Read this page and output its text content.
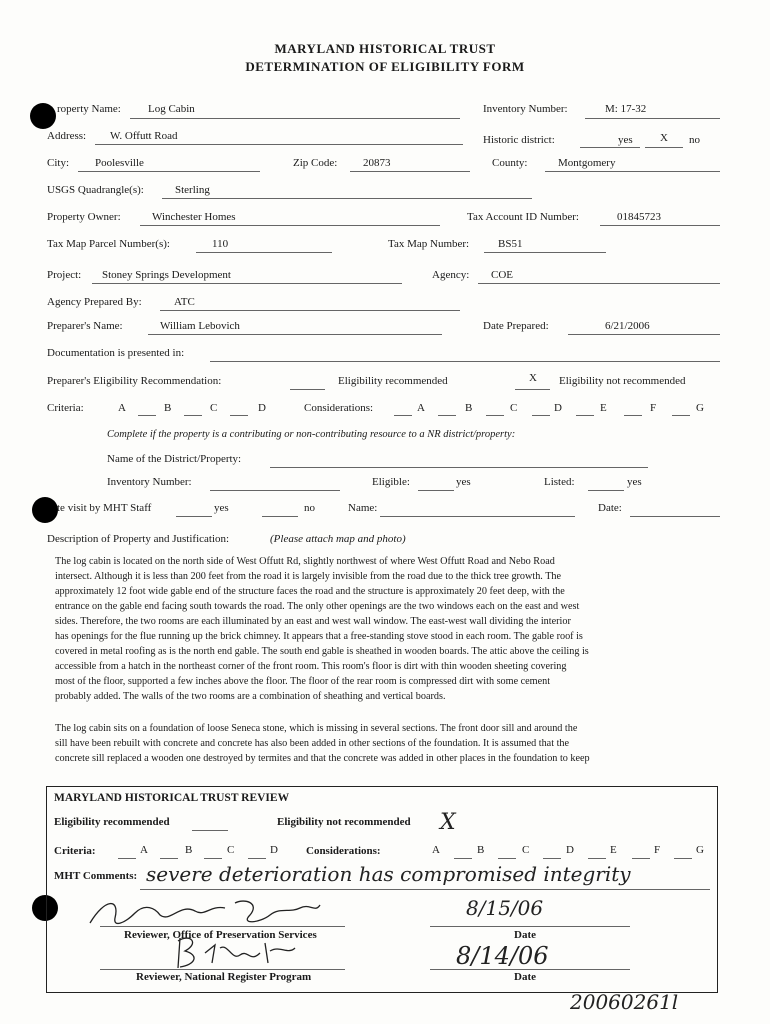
MARYLAND HISTORICAL TRUST
DETERMINATION OF ELIGIBILITY FORM
roperty Name: Log Cabin	Inventory Number:	M: 17-32
Address: W. Offutt Road	Historic district:	yes X no
City: Poolesville	Zip Code: 20873	County:	Montgomery
USGS Quadrangle(s):	Sterling
Property Owner:	Winchester Homes	Tax Account ID Number:	01845723
Tax Map Parcel Number(s):	110	Tax Map Number:	BS51
Project: Stoney Springs Development	Agency: COE
Agency Prepared By:	ATC
Preparer's Name:	William Lebovich	Date Prepared:	6/21/2006
Documentation is presented in:
Preparer's Eligibility Recommendation:	Eligibility recommended	X Eligibility not recommended
Criteria:	A	B	C	D	Considerations:	A	B	C	D	E	F	G
Complete if the property is a contributing or non-contributing resource to a NR district/property:
Name of the District/Property:
Inventory Number:	Eligible:	yes	Listed:	yes
te visit by MHT Staff	yes	no	Name:	Date:
Description of Property and Justification:	(Please attach map and photo)
The log cabin is located on the north side of West Offutt Rd, slightly northwest of where West Offutt Road and Nebo Road
intersect. Although it is less than 200 feet from the road it is largely invisible from the road due to the thick tree growth. The
approximately 12 foot wide gable end of the structure faces the road and the structure is approximately 20 feet deep, with the
entrance on the gable end facing south towards the road. The only other openings are the two windows each on the east and west
sides. Therefore, the two rooms are each illuminated by an east and west wall window. The east-west wall dividing the interior
has openings for the flue running up the brick chimney. It appears that a free-standing stove stood in each room. The gable roof is
covered in metal roofing as is the north end gable. The south end gable is sheathed in wooden boards. The attic above the ceiling is
accessible from a hatch in the northeast corner of the front room. This room's floor is dirt with thin wooden sheeting covering
most of the floor, supported a few inches above the floor. The floor of the rear room is compressed dirt with some cement
probably added. The walls of the two rooms are a combination of sheathing and vertical boards.
The log cabin sits on a foundation of loose Seneca stone, which is missing in several sections. The front door sill and around the
sill have been rebuilt with concrete and concrete has also been added in other sections of the foundation. It is assumed that the
concrete sill replaced a wooden one destroyed by termites and that the concrete was added in other places in the foundation to keep
MARYLAND HISTORICAL TRUST REVIEW
Eligibility recommended	Eligibility not recommended X
Criteria:	A	B	C	D	Considerations:	A	B	C	D	E	F	G
MHT Comments: severe deterioration has compromised integrity
8/15/06
Reviewer, Office of Preservation Services	Date
8/14/06
Reviewer, National Register Program	Date
20060261l
